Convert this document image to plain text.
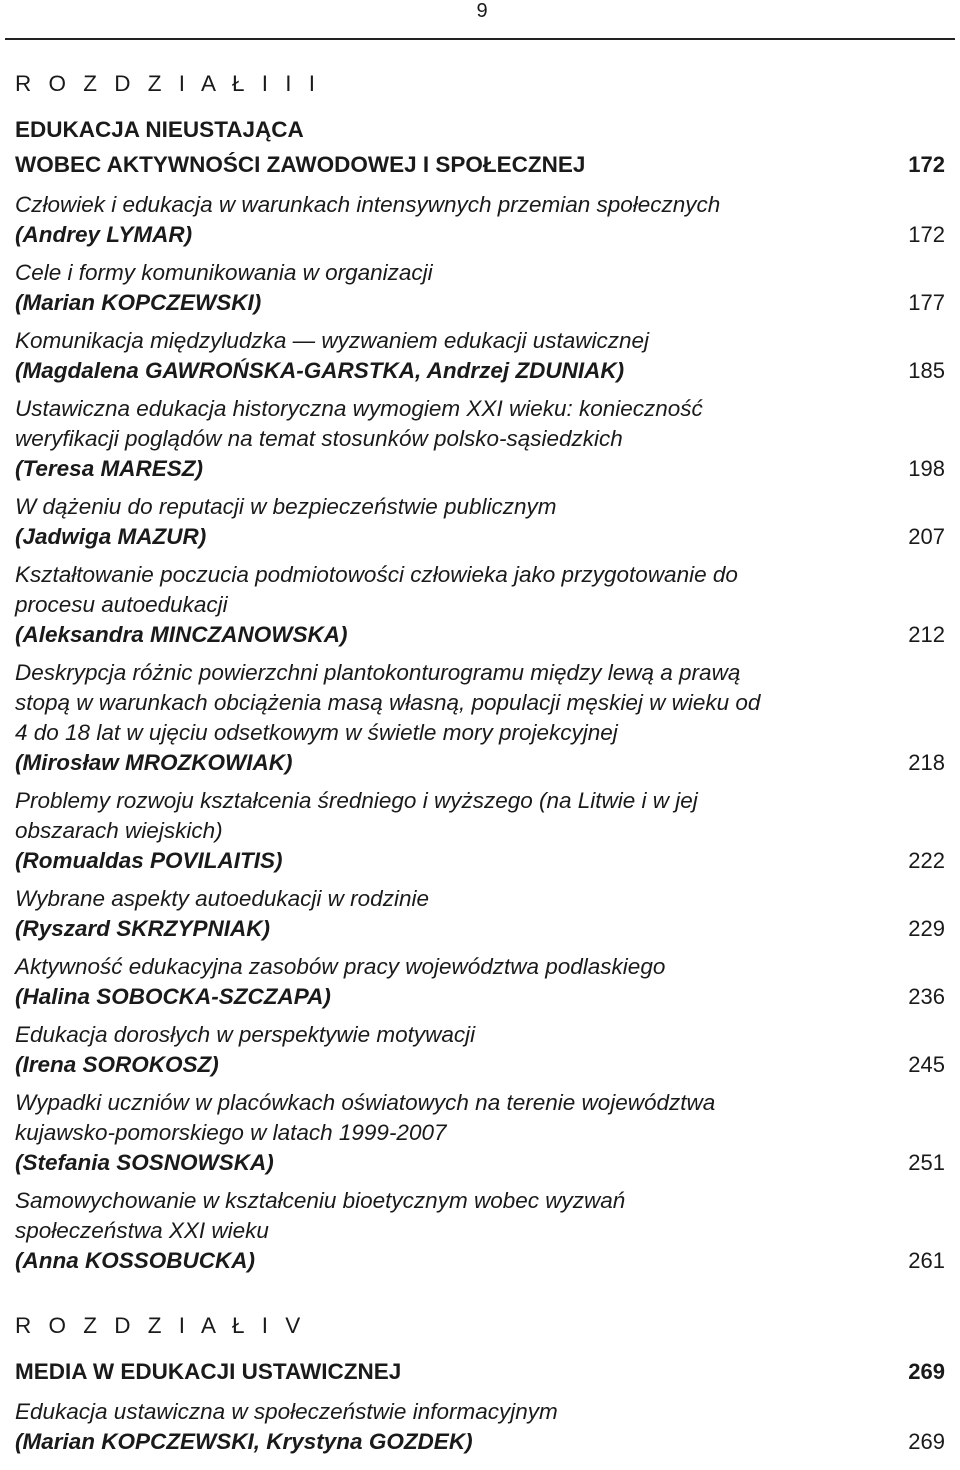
9
R O Z D Z I A Ł I I I
EDUKACJA NIEUSTAJĄCA
WOBEC AKTYWNOŚCI ZAWODOWEJ I SPOŁECZNEJ	172
Człowiek i edukacja w warunkach intensywnych przemian społecznych
(Andrey LYMAR)	172
Cele i formy komunikowania w organizacji
(Marian KOPCZEWSKI)	177
Komunikacja międzyludzka — wyzwaniem edukacji ustawicznej
(Magdalena GAWROŃSKA-GARSTKA, Andrzej ZDUNIAK)	185
Ustawiczna edukacja historyczna wymogiem XXI wieku: konieczność
weryfikacji poglądów na temat stosunków polsko-sąsiedzkich
(Teresa MARESZ)	198
W dążeniu do reputacji w bezpieczeństwie publicznym
(Jadwiga MAZUR)	207
Kształtowanie poczucia podmiotowości człowieka jako przygotowanie do
procesu autoedukacji
(Aleksandra MINCZANOWSKA)	212
Deskrypcja różnic powierzchni plantokonturogramu między lewą a prawą
stopą w warunkach obciążenia masą własną, populacji męskiej w wieku od
4 do 18 lat w ujęciu odsetkowym w świetle mory projekcyjnej
(Mirosław MROZKOWIAK)	218
Problemy rozwoju kształcenia średniego i wyższego (na Litwie i w jej
obszarach wiejskich)
(Romualdas POVILAITIS)	222
Wybrane aspekty autoedukacji w rodzinie
(Ryszard SKRZYPNIAK)	229
Aktywność edukacyjna zasobów pracy województwa podlaskiego
(Halina SOBOCKA-SZCZAPA)	236
Edukacja dorosłych w perspektywie motywacji
(Irena SOROKOSZ)	245
Wypadki uczniów w placówkach oświatowych na terenie województwa
kujawsko-pomorskiego w latach 1999-2007
(Stefania SOSNOWSKA)	251
Samowychowanie w kształceniu bioetycznym wobec wyzwań
społeczeństwa XXI wieku
(Anna KOSSOBUCKA)	261
R O Z D Z I A Ł I V
MEDIA W EDUKACJI USTAWICZNEJ	269
Edukacja ustawiczna w społeczeństwie informacyjnym
(Marian KOPCZEWSKI, Krystyna GOZDEK)	269
